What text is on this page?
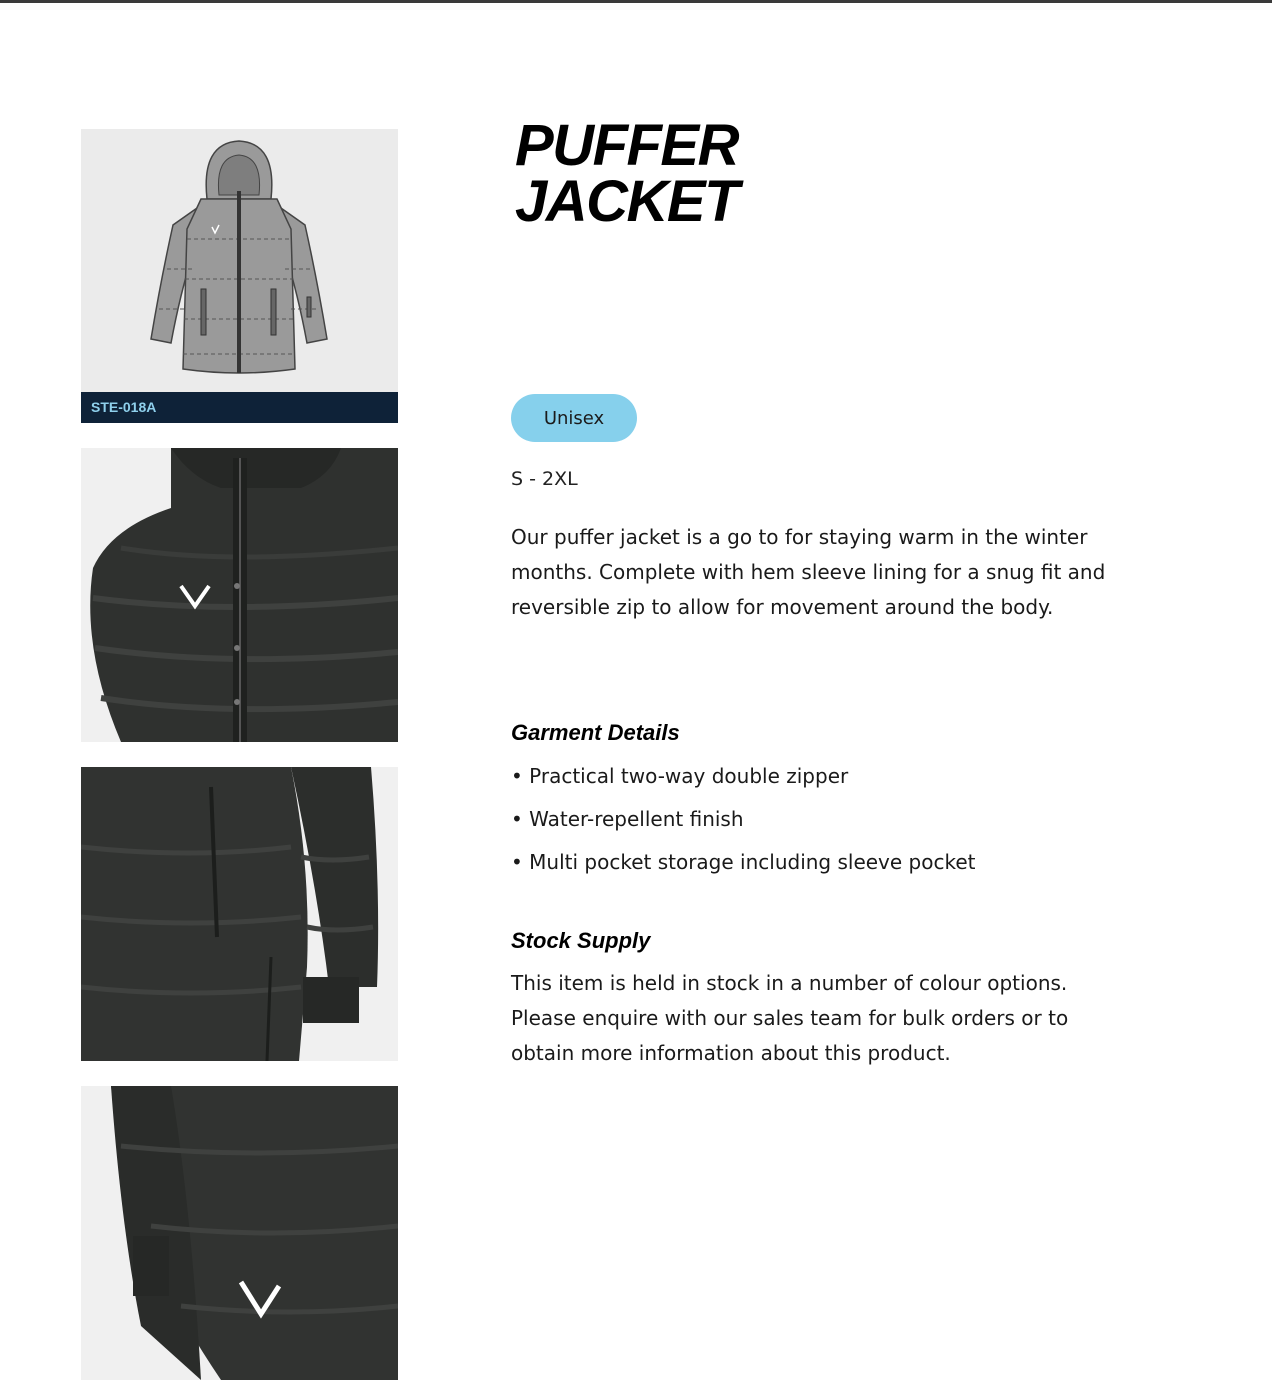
STE-018A
PUFFER
JACKET
Unisex
S - 2XL

Our puffer jacket is a go to for staying warm in the winter months. Complete with hem sleeve lining for a snug fit and reversible zip to allow for movement around the body.

Garment Details
• Practical two-way double zipper
• Water-repellent finish
• Multi pocket storage including sleeve pocket
Stock Supply

This item is held in stock in a number of colour options. Please enquire with our sales team for bulk orders or to obtain more information about this product.
